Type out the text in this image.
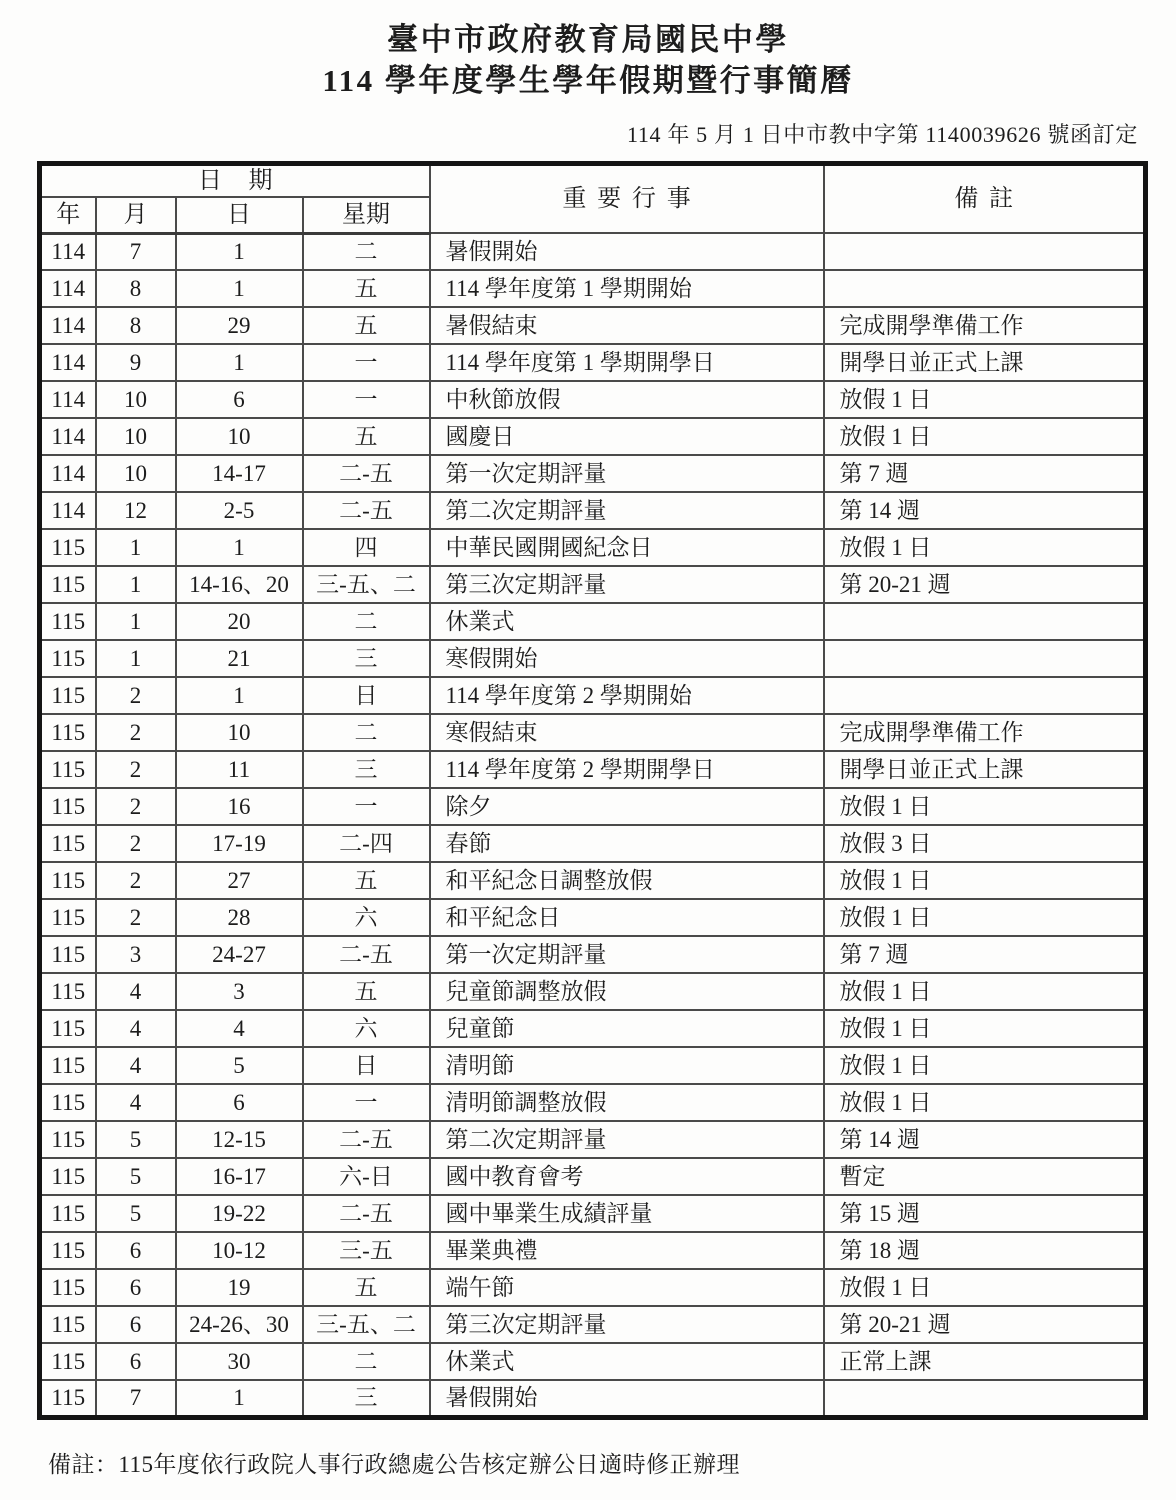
臺中市政府教育局國民中學
114 學年度學生學年假期暨行事簡曆
114 年 5 月 1 日中市教中字第 1140039626 號函訂定
日期				重要行事	備註
年	月	日	星期		
114	7	1	二	暑假開始	
114	8	1	五	114 學年度第 1 學期開始	
114	8	29	五	暑假結束	完成開學準備工作
114	9	1	一	114 學年度第 1 學期開學日	開學日並正式上課
114	10	6	一	中秋節放假	放假 1 日
114	10	10	五	國慶日	放假 1 日
114	10	14-17	二-五	第一次定期評量	第 7 週
114	12	2-5	二-五	第二次定期評量	第 14 週
115	1	1	四	中華民國開國紀念日	放假 1 日
115	1	14-16、20	三-五、二	第三次定期評量	第 20-21 週
115	1	20	二	休業式	
115	1	21	三	寒假開始	
115	2	1	日	114 學年度第 2 學期開始	
115	2	10	二	寒假結束	完成開學準備工作
115	2	11	三	114 學年度第 2 學期開學日	開學日並正式上課
115	2	16	一	除夕	放假 1 日
115	2	17-19	二-四	春節	放假 3 日
115	2	27	五	和平紀念日調整放假	放假 1 日
115	2	28	六	和平紀念日	放假 1 日
115	3	24-27	二-五	第一次定期評量	第 7 週
115	4	3	五	兒童節調整放假	放假 1 日
115	4	4	六	兒童節	放假 1 日
115	4	5	日	清明節	放假 1 日
115	4	6	一	清明節調整放假	放假 1 日
115	5	12-15	二-五	第二次定期評量	第 14 週
115	5	16-17	六-日	國中教育會考	暫定
115	5	19-22	二-五	國中畢業生成績評量	第 15 週
115	6	10-12	三-五	畢業典禮	第 18 週
115	6	19	五	端午節	放假 1 日
115	6	24-26、30	三-五、二	第三次定期評量	第 20-21 週
115	6	30	二	休業式	正常上課
115	7	1	三	暑假開始	
備註：115年度依行政院人事行政總處公告核定辦公日適時修正辦理
